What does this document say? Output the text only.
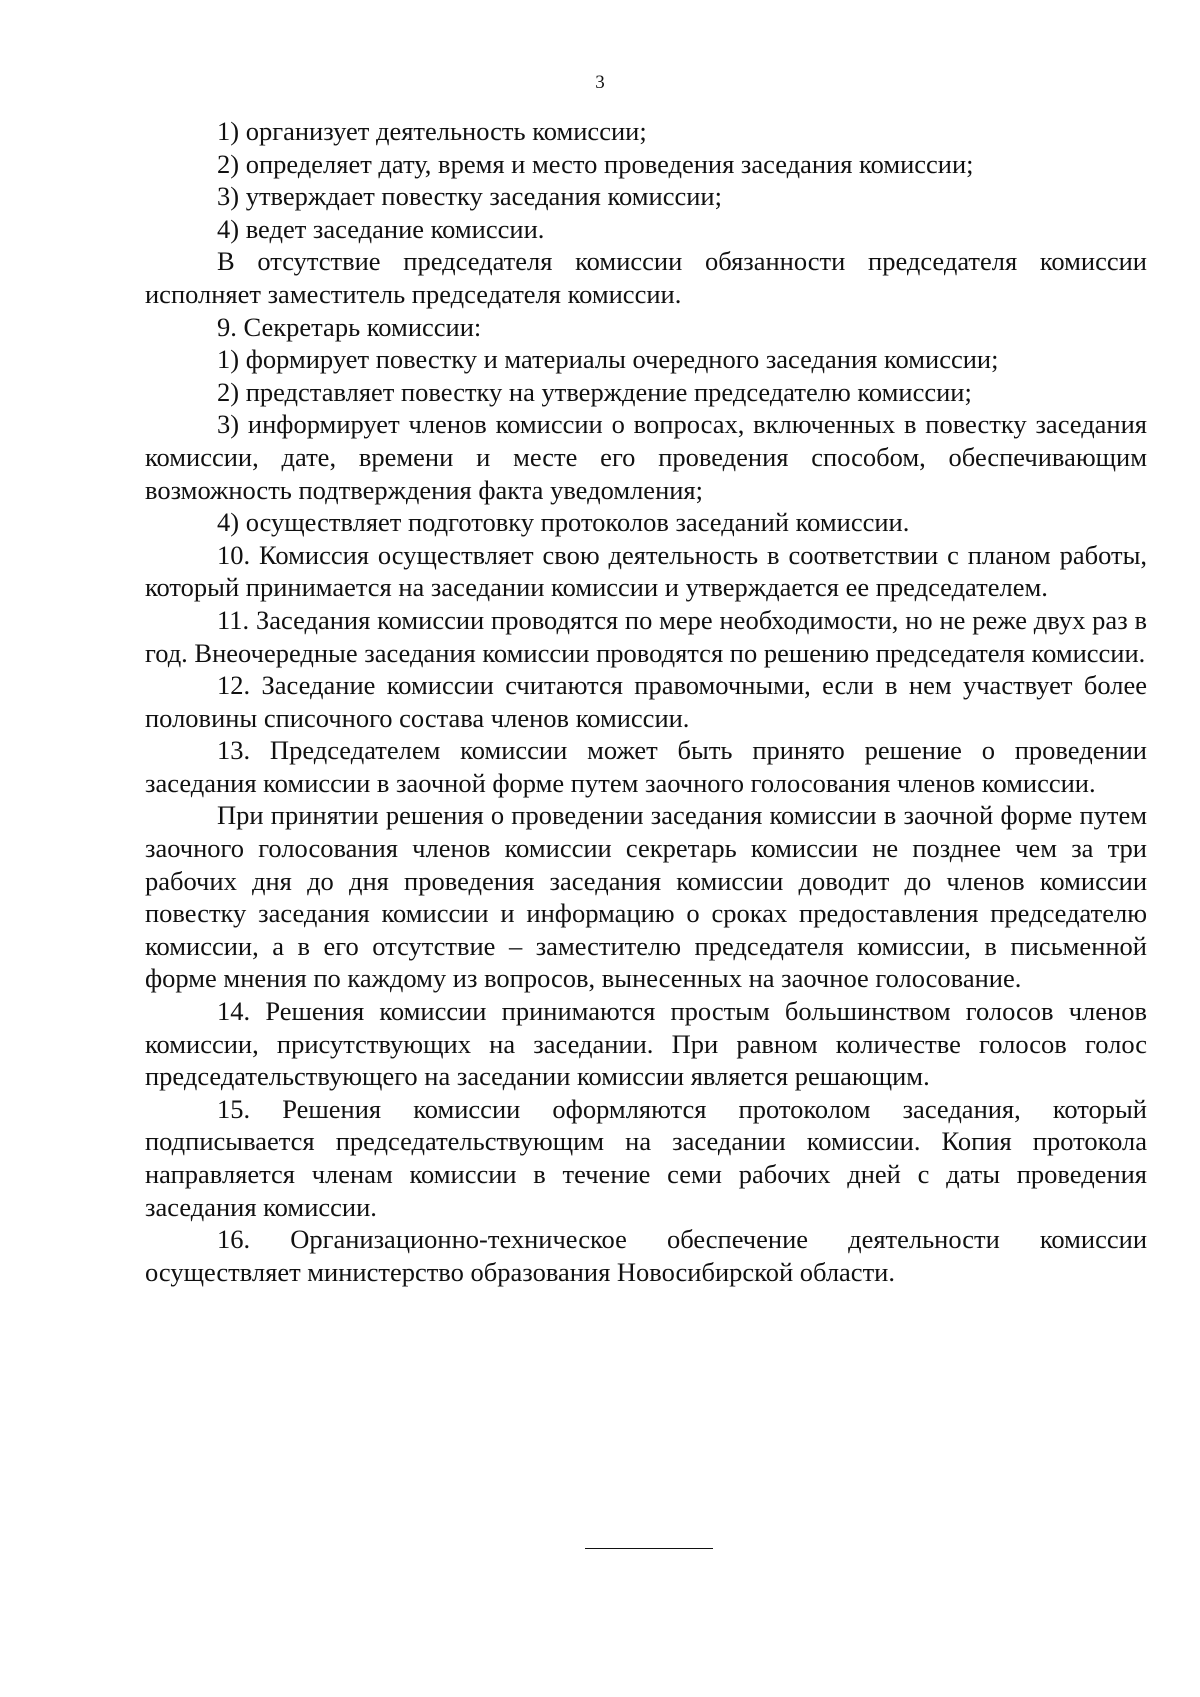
3

1) организует деятельность комиссии;

2) определяет дату, время и место проведения заседания комиссии;

3) утверждает повестку заседания комиссии;

4) ведет заседание комиссии.

В отсутствие председателя комиссии обязанности председателя комиссии исполняет заместитель председателя комиссии.

9. Секретарь комиссии:

1) формирует повестку и материалы очередного заседания комиссии;

2) представляет повестку на утверждение председателю комиссии;

3) информирует членов комиссии о вопросах, включенных в повестку заседания комиссии, дате, времени и месте его проведения способом, обеспечивающим возможность подтверждения факта уведомления;

4) осуществляет подготовку протоколов заседаний комиссии.

10. Комиссия осуществляет свою деятельность в соответствии с планом работы, который принимается на заседании комиссии и утверждается ее председателем.

11. Заседания комиссии проводятся по мере необходимости, но не реже двух раз в год. Внеочередные заседания комиссии проводятся по решению председателя комиссии.

12. Заседание комиссии считаются правомочными, если в нем участвует более половины списочного состава членов комиссии.

13. Председателем комиссии может быть принято решение о проведении заседания комиссии в заочной форме путем заочного голосования членов комиссии.

При принятии решения о проведении заседания комиссии в заочной форме путем заочного голосования членов комиссии секретарь комиссии не позднее чем за три рабочих дня до дня проведения заседания комиссии доводит до членов комиссии повестку заседания комиссии и информацию о сроках предоставления председателю комиссии, а в его отсутствие – заместителю председателя комиссии, в письменной форме мнения по каждому из вопросов, вынесенных на заочное голосование.

14. Решения комиссии принимаются простым большинством голосов членов комиссии, присутствующих на заседании. При равном количестве голосов голос председательствующего на заседании комиссии является решающим.

15. Решения комиссии оформляются протоколом заседания, который подписывается председательствующим на заседании комиссии. Копия протокола направляется членам комиссии в течение семи рабочих дней с даты проведения заседания комиссии.

16. Организационно-техническое обеспечение деятельности комиссии осуществляет министерство образования Новосибирской области.
